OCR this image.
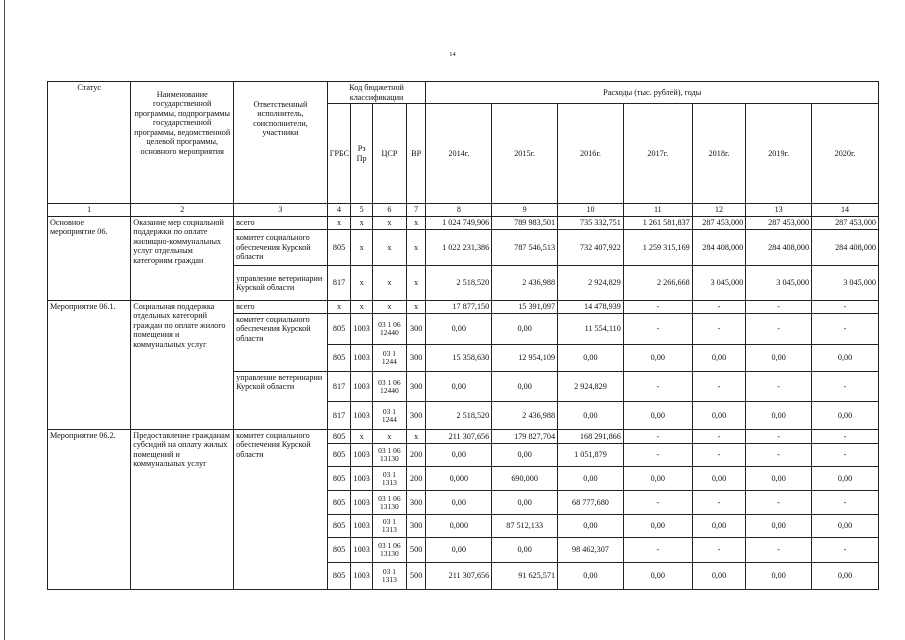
14
Статус	Наименование государственной программы, подпрограммы государственной программы, ведомственной целевой программы, основного мероприятия	Ответственный исполнитель, соисполнители, участники	Код бюджетной классификации				Расходы (тыс. рублей), годы						
			ГРБС	Рз Пр	ЦСР	ВР	2014г.	2015г.	2016г.	2017г.	2018г.	2019г.	2020г.
1	2	3	4	5	6	7	8	9	10	11	12	13	14
Основное мероприятие 06.	Оказание мер социальной поддержки по оплате жилищно-коммунальных услуг отдельным категориям граждан	всего	x	x	x	x	1 024 749,906	789 983,501	735 332,751	1 261 581,837	287 453,000	287 453,000	287 453,000
		комитет социального обеспечения Курской области	805	x	x	x	1 022 231,386	787 546,513	732 407,922	1 259 315,169	284 408,000	284 408,000	284 408,000
		управление ветеринарии Курской области	817	x	x	x	2 518,520	2 436,988	2 924,829	2 266,668	3 045,000	3 045,000	3 045,000
Мероприятие 06.1.	Социальная поддержка отдельных категорий граждан по оплате жилого помещения и коммунальных услуг	всего	x	x	x	x	17 877,150	15 391,097	14 478,939	-	-	-	-
		комитет социального обеспечения Курской области	805	1003	03 1 06 12440	300	0,00	0,00	11 554,110	-	-	-	-
			805	1003	03 1 1244	300	15 358,630	12 954,109	0,00	0,00	0,00	0,00	0,00
		управление ветеринарии Курской области	817	1003	03 1 06 12440	300	0,00	0,00	2 924,829	-	-	-	-
			817	1003	03 1 1244	300	2 518,520	2 436,988	0,00	0,00	0,00	0,00	0,00
Мероприятие 06.2.	Предоставление гражданам субсидий на оплату жилых помещений и коммунальных услуг	комитет социального обеспечения Курской области	805	x	x	x	211 307,656	179 827,704	168 291,866	-	-	-	-
			805	1003	03 1 06 13130	200	0,00	0,00	1 051,879	-	-	-	-
			805	1003	03 1 1313	200	0,000	690,000	0,00	0,00	0,00	0,00	0,00
			805	1003	03 1 06 13130	300	0,00	0,00	68 777,680	-	-	-	-
			805	1003	03 1 1313	300	0,000	87 512,133	0,00	0,00	0,00	0,00	0,00
			805	1003	03 1 06 13130	500	0,00	0,00	98 462,307	-	-	-	-
			805	1003	03 1 1313	500	211 307,656	91 625,571	0,00	0,00	0,00	0,00	0,00
